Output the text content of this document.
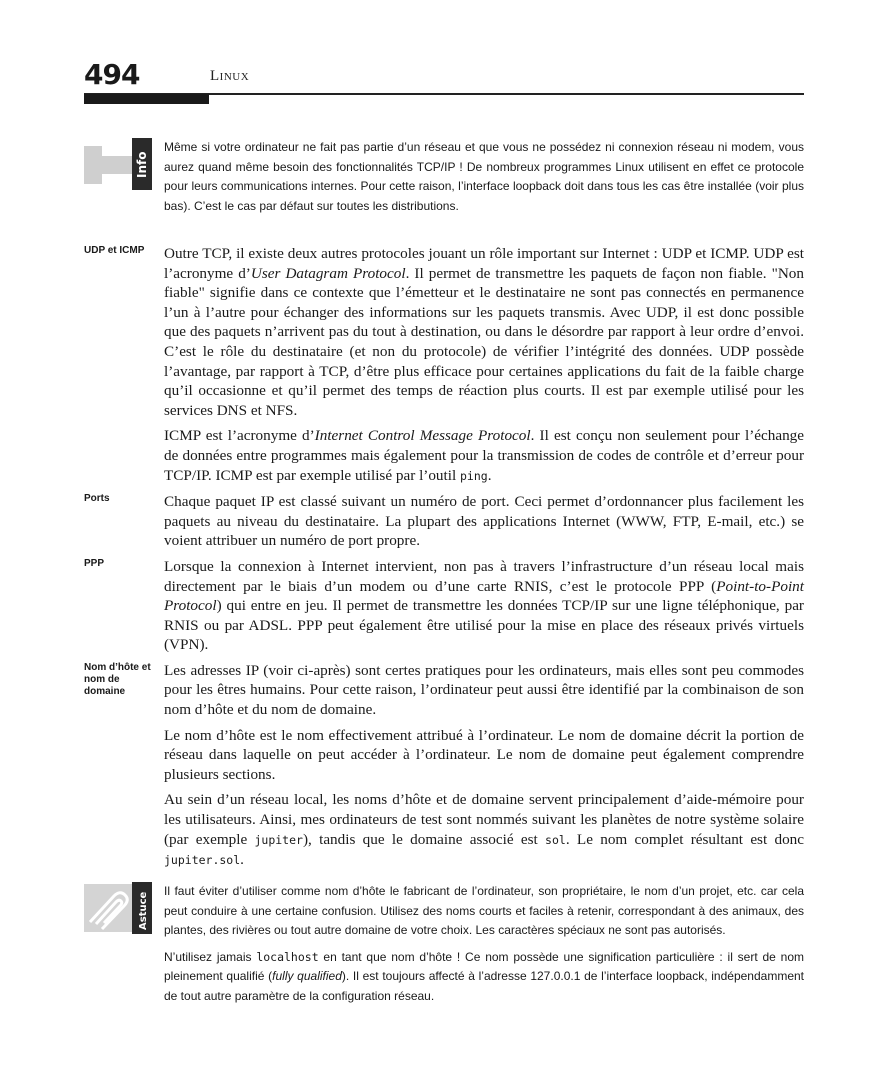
494	Linux
Info

Même si votre ordinateur ne fait pas partie d’un réseau et que vous ne possédez ni connexion réseau ni modem, vous aurez quand même besoin des fonctionnalités TCP/IP ! De nombreux programmes Linux utilisent en effet ce protocole pour leurs communications internes. Pour cette raison, l’interface loopback doit dans tous les cas être installée (voir plus bas). C’est le cas par défaut sur toutes les distributions.

UDP et ICMP	Outre TCP, il existe deux autres protocoles jouant un rôle important sur Internet : UDP et ICMP. UDP est l’acronyme d’User Datagram Protocol. Il permet de transmettre les paquets de façon non fiable. "Non fiable" signifie dans ce contexte que l’émetteur et le destinataire ne sont pas connectés en permanence l’un à l’autre pour échanger des informations sur les paquets transmis. Avec UDP, il est donc possible que des paquets n’arrivent pas du tout à destination, ou dans le désordre par rapport à leur ordre d’envoi. C’est le rôle du destinataire (et non du protocole) de vérifier l’intégrité des données. UDP possède l’avantage, par rapport à TCP, d’être plus efficace pour certaines applications du fait de la faible charge qu’il occasionne et qu’il permet des temps de réaction plus courts. Il est par exemple utilisé pour les services DNS et NFS.

ICMP est l’acronyme d’Internet Control Message Protocol. Il est conçu non seulement pour l’échange de données entre programmes mais également pour la transmission de codes de contrôle et d’erreur pour TCP/IP. ICMP est par exemple utilisé par l’outil ping.

Ports	Chaque paquet IP est classé suivant un numéro de port. Ceci permet d’ordonnancer plus facilement les paquets au niveau du destinataire. La plupart des applications Internet (WWW, FTP, E-mail, etc.) se voient attribuer un numéro de port propre.

PPP	Lorsque la connexion à Internet intervient, non pas à travers l’infrastructure d’un réseau local mais directement par le biais d’un modem ou d’une carte RNIS, c’est le protocole PPP (Point-to-Point Protocol) qui entre en jeu. Il permet de transmettre les données TCP/IP sur une ligne téléphonique, par RNIS ou par ADSL. PPP peut également être utilisé pour la mise en place des réseaux privés virtuels (VPN).

Nom d’hôte et nom de domaine

Les adresses IP (voir ci-après) sont certes pratiques pour les ordinateurs, mais elles sont peu commodes pour les êtres humains. Pour cette raison, l’ordinateur peut aussi être identifié par la combinaison de son nom d’hôte et du nom de domaine.

Le nom d’hôte est le nom effectivement attribué à l’ordinateur. Le nom de domaine décrit la portion de réseau dans laquelle on peut accéder à l’ordinateur. Le nom de domaine peut également comprendre plusieurs sections.

Au sein d’un réseau local, les noms d’hôte et de domaine servent principalement d’aide-mémoire pour les utilisateurs. Ainsi, mes ordinateurs de test sont nommés suivant les planètes de notre système solaire (par exemple jupiter), tandis que le domaine associé est sol. Le nom complet résultant est donc jupiter.sol.

Astuce

Il faut éviter d’utiliser comme nom d’hôte le fabricant de l’ordinateur, son propriétaire, le nom d’un projet, etc. car cela peut conduire à une certaine confusion. Utilisez des noms courts et faciles à retenir, correspondant à des animaux, des plantes, des rivières ou tout autre domaine de votre choix. Les caractères spéciaux ne sont pas autorisés.

N’utilisez jamais localhost en tant que nom d’hôte ! Ce nom possède une signification particulière : il sert de nom pleinement qualifié (fully qualified). Il est toujours affecté à l’adresse 127.0.0.1 de l’interface loopback, indépendamment de tout autre paramètre de la configuration réseau.
